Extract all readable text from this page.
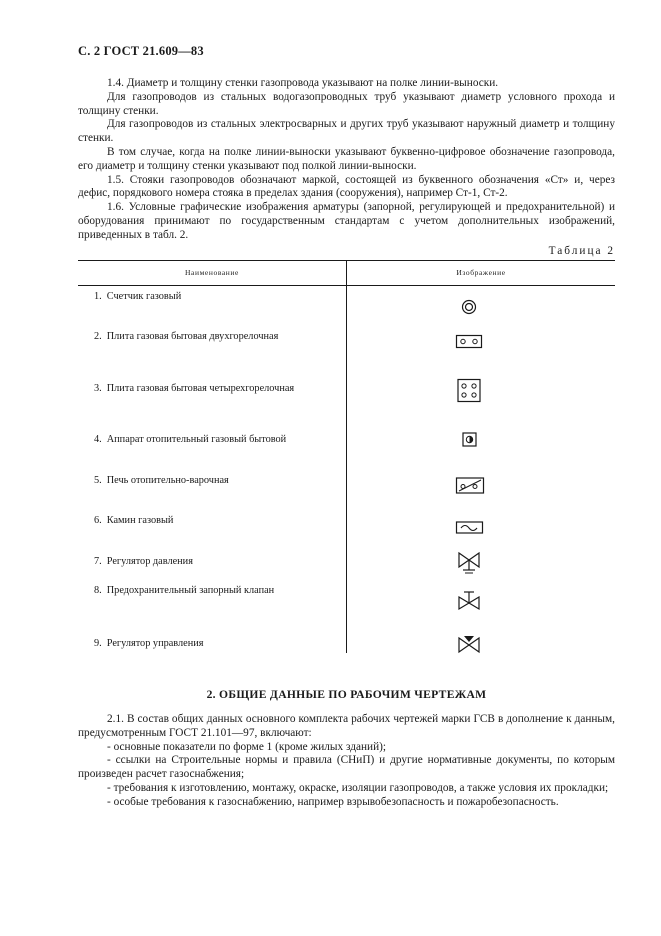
С. 2 ГОСТ 21.609—83

1.4. Диаметр и толщину стенки газопровода указывают на полке линии-выноски.

Для газопроводов из стальных водогазопроводных труб указывают диаметр условного прохода и толщину стенки.

Для газопроводов из стальных электросварных и других труб указывают наружный диаметр и толщину стенки.

В том случае, когда на полке линии-выноски указывают буквенно-цифровое обозначение газопровода, его диаметр и толщину стенки указывают под полкой линии-выноски.

1.5. Стояки газопроводов обозначают маркой, состоящей из буквенного обозначения «Ст» и, через дефис, порядкового номера стояка в пределах здания (сооружения), например Ст-1, Ст-2.

1.6. Условные графические изображения арматуры (запорной, регулирующей и предохранительной) и оборудования принимают по государственным стандартам с учетом дополнительных изображений, приведенных в табл. 2.

Таблица 2
Наименование	Изображение
1. Счетчик газовый
2. Плита газовая бытовая двухгорелочная
3. Плита газовая бытовая четырехгорелочная
4. Аппарат отопительный газовый бытовой
5. Печь отопительно-варочная
6. Камин газовый
7. Регулятор давления
8. Предохранительный запорный клапан
9. Регулятор управления
2. ОБЩИЕ ДАННЫЕ ПО РАБОЧИМ ЧЕРТЕЖАМ

2.1. В состав общих данных основного комплекта рабочих чертежей марки ГСВ в дополнение к данным, предусмотренным ГОСТ 21.101—97, включают:

- основные показатели по форме 1 (кроме жилых зданий);

- ссылки на Строительные нормы и правила (СНиП) и другие нормативные документы, по которым произведен расчет газоснабжения;

- требования к изготовлению, монтажу, окраске, изоляции газопроводов, а также условия их прокладки;

- особые требования к газоснабжению, например взрывобезопасность и пожаробезопасность.
